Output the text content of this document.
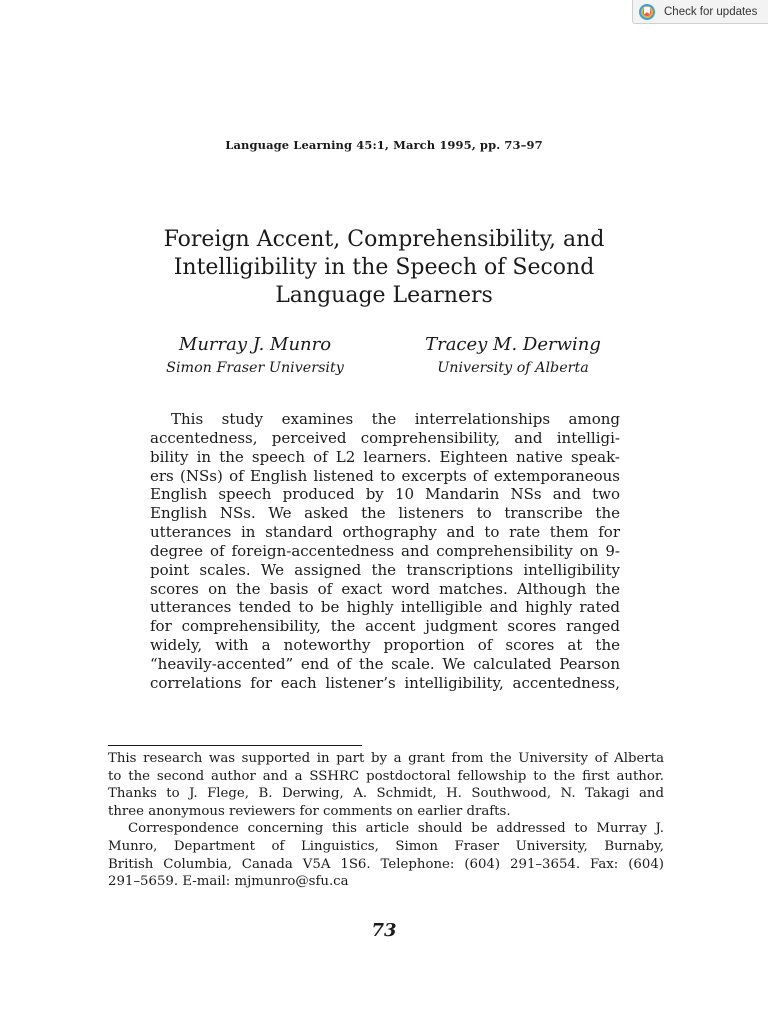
Check for updates
Language Learning 45:1, March 1995, pp. 73–97
Foreign Accent, Comprehensibility, and
Intelligibility in the Speech of Second
Language Learners
Murray J. Munro
Simon Fraser University
Tracey M. Derwing
University of Alberta
This study examines the interrelationships among
accentedness, perceived comprehensibility, and intelligi-
bility in the speech of L2 learners. Eighteen native speak-
ers (NSs) of English listened to excerpts of extemporaneous
English speech produced by 10 Mandarin NSs and two
English NSs. We asked the listeners to transcribe the
utterances in standard orthography and to rate them for
degree of foreign-accentedness and comprehensibility on 9-
point scales. We assigned the transcriptions intelligibility
scores on the basis of exact word matches. Although the
utterances tended to be highly intelligible and highly rated
for comprehensibility, the accent judgment scores ranged
widely, with a noteworthy proportion of scores at the
“heavily-accented” end of the scale. We calculated Pearson
correlations for each listener’s intelligibility, accentedness,
This research was supported in part by a grant from the University of Alberta
to the second author and a SSHRC postdoctoral fellowship to the first author.
Thanks to J. Flege, B. Derwing, A. Schmidt, H. Southwood, N. Takagi and
three anonymous reviewers for comments on earlier drafts.
Correspondence concerning this article should be addressed to Murray J.
Munro, Department of Linguistics, Simon Fraser University, Burnaby,
British Columbia, Canada V5A 1S6. Telephone: (604) 291–3654. Fax: (604)
291–5659. E-mail: mjmunro@sfu.ca
73
